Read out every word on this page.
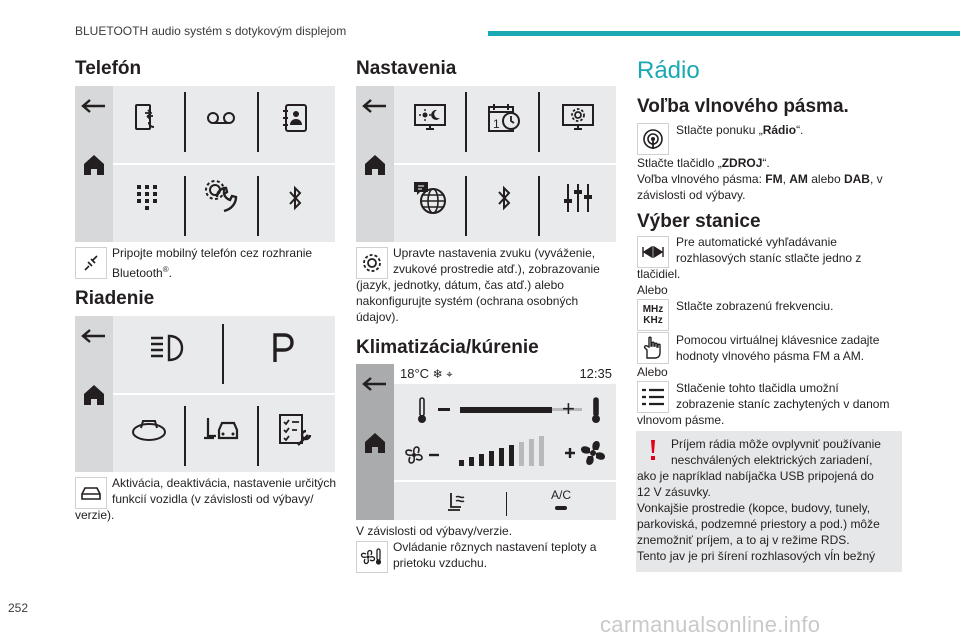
BLUETOOTH audio systém s dotykovým displejom
Telefón
Pripojte mobilný telefón cez rozhranie
Bluetooth®.
Riadenie
Aktivácia, deaktivácia, nastavenie určitých
funkcií vozidla (v závislosti od výbavy/
verzie).
Nastavenia
1
Upravte nastavenia zvuku (vyváženie,
zvukové prostredie atď.), zobrazovanie
(jazyk, jednotky, dátum, čas atď.) alebo
nakonfigurujte systém (ochrana osobných
údajov).
Klimatizácia/kúrenie
18°C ❄ ⌖	12:35
+
A/C
V závislosti od výbavy/verzie.
Ovládanie rôznych nastavení teploty a
prietoku vzduchu.
Rádio
Voľba vlnového pásma.
Stlačte ponuku „Rádio“.
Stlačte tlačidlo „ZDROJ“.
Voľba vlnového pásma: FM, AM alebo DAB, v
závislosti od výbavy.
Výber stanice
Pre automatické vyhľadávanie
rozhlasových staníc stlačte jedno z
tlačidiel.
Alebo
MHz
KHz
Stlačte zobrazenú frekvenciu.
Pomocou virtuálnej klávesnice zadajte
hodnoty vlnového pásma FM a AM.
Alebo
Stlačenie tohto tlačidla umožní
zobrazenie staníc zachytených v danom
vlnovom pásme.
Príjem rádia môže ovplyvniť používanie
neschválených elektrických zariadení,
ako je napríklad nabíjačka USB pripojená do
12 V zásuvky.
Vonkajšie prostredie (kopce, budovy, tunely,
parkoviská, podzemné priestory a pod.) môže
znemožniť príjem, a to aj v režime RDS.
Tento jav je pri šírení rozhlasových vĺn bežný
252
carmanualsonline.info
